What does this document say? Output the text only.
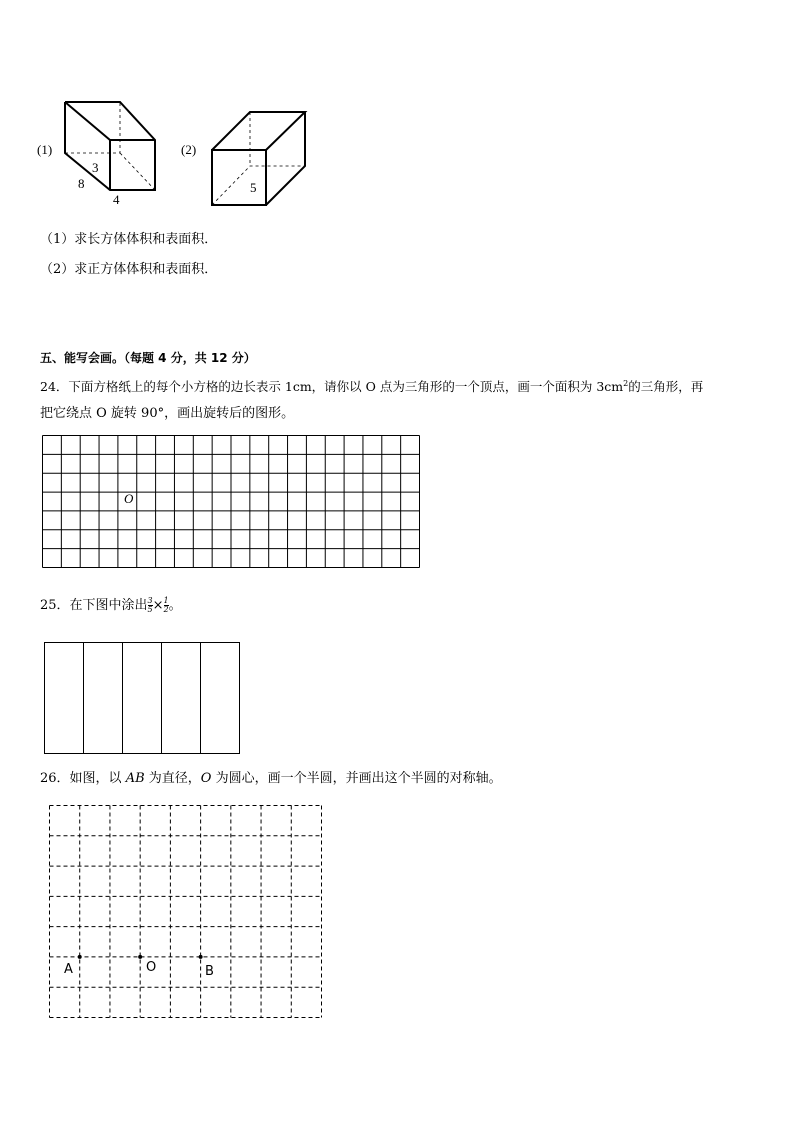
(1)
3
8
4
(2)
5
（1）求长方体体积和表面积．
（2）求正方体体积和表面积．
五、能写会画。（每题 4 分，共 12 分）
24．下面方格纸上的每个小方格的边长表示 1cm，请你以 O 点为三角形的一个顶点，画一个面积为 $3cm^2$的三角形，再
把它绕点 O 旋转 90°，画出旋转后的图形。
O
25．在下图中涂出 $\frac{3}{5} \times \frac{1}{2}$ 。
26．如图，以 AB 为直径，O 为圆心，画一个半圆，并画出这个半圆的对称轴。
A	O	B
